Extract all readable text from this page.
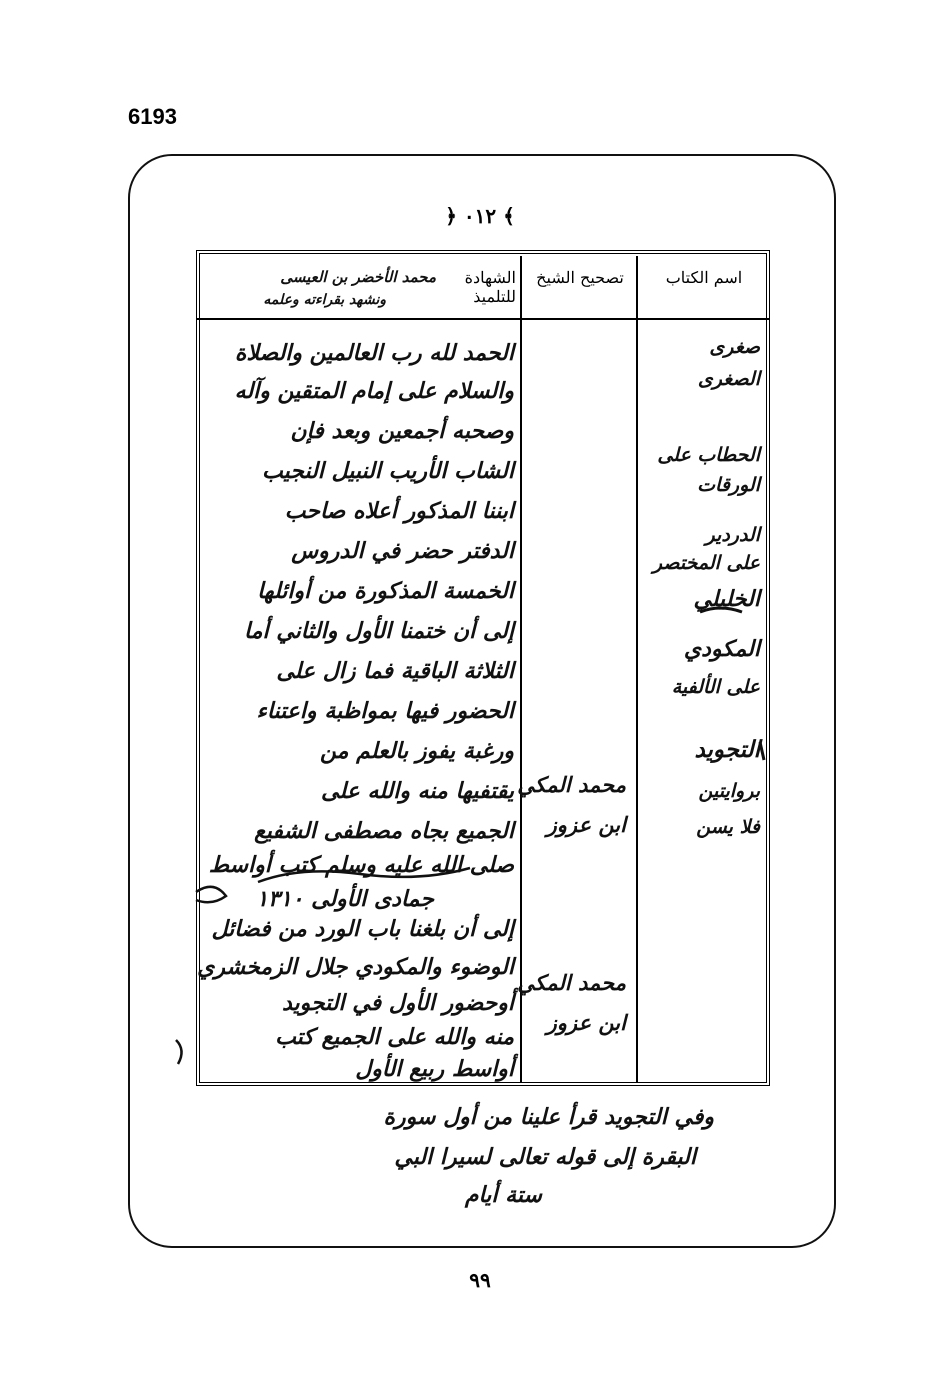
6193
﴿ ٠١٢ ﴾
اسم الكتاب
تصحيح الشيخ
الشهادة للتلميذ
محمد الأخضر بن العيسى
ونشهد بقراءته وعلمه
الحمد لله رب العالمين والصلاة
والسلام على إمام المتقين وآله
وصحبه أجمعين وبعد فإن
الشاب الأريب النبيل النجيب
ابننا المذكور أعلاه صاحب
الدفتر حضر في الدروس
الخمسة المذكورة من أوائلها
إلى أن ختمنا الأول والثاني أما
الثلاثة الباقية فما زال على
الحضور فيها بمواظبة واعتناء
ورغبة يفوز بالعلم من
يقتفيها منه والله على
الجميع بجاه مصطفى الشفيع
صلى الله عليه وسلم كتب أواسط
جمادى الأولى ١٣١٠
صغرى
الصغرى
الحطاب على
الورقات
الدردير
على المختصر
الخليلي
المكودي
على الألفية
التجويد
بروايتين
فلا يسن
محمد المكي
ابن عزوز
محمد المكي
ابن عزوز
إلى أن بلغنا باب الورد من فضائل
الوضوء والمكودي جلال الزمخشري
أوحضور الأول في التجويد
منه والله على الجميع كتب
أواسط ربيع الأول
وفي التجويد قرأ علينا من أول سورة
البقرة إلى قوله تعالى لسيرا البي
ستة أيام
٩٩
